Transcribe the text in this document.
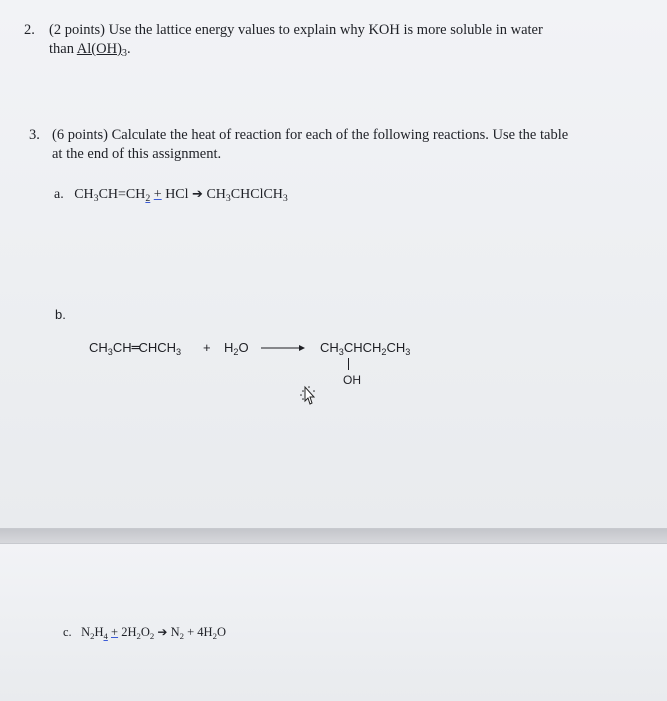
2. (2 points) Use the lattice energy values to explain why KOH is more soluble in water
than $Al(OH)_3$.
3. (6 points) Calculate the heat of reaction for each of the following reactions. Use the table
at the end of this assignment.
a. $CH_3CH=CH_2$ + HCl ➔ $CH_3CHClCH_3$
b.
$CH_3CH═CHCH_3 + H_2O$ → $CH_3CHCH_2CH_3$
OH
c. $N_2H_4 + 2H_2O_2$ ➔ $N_2 + 4H_2O$
